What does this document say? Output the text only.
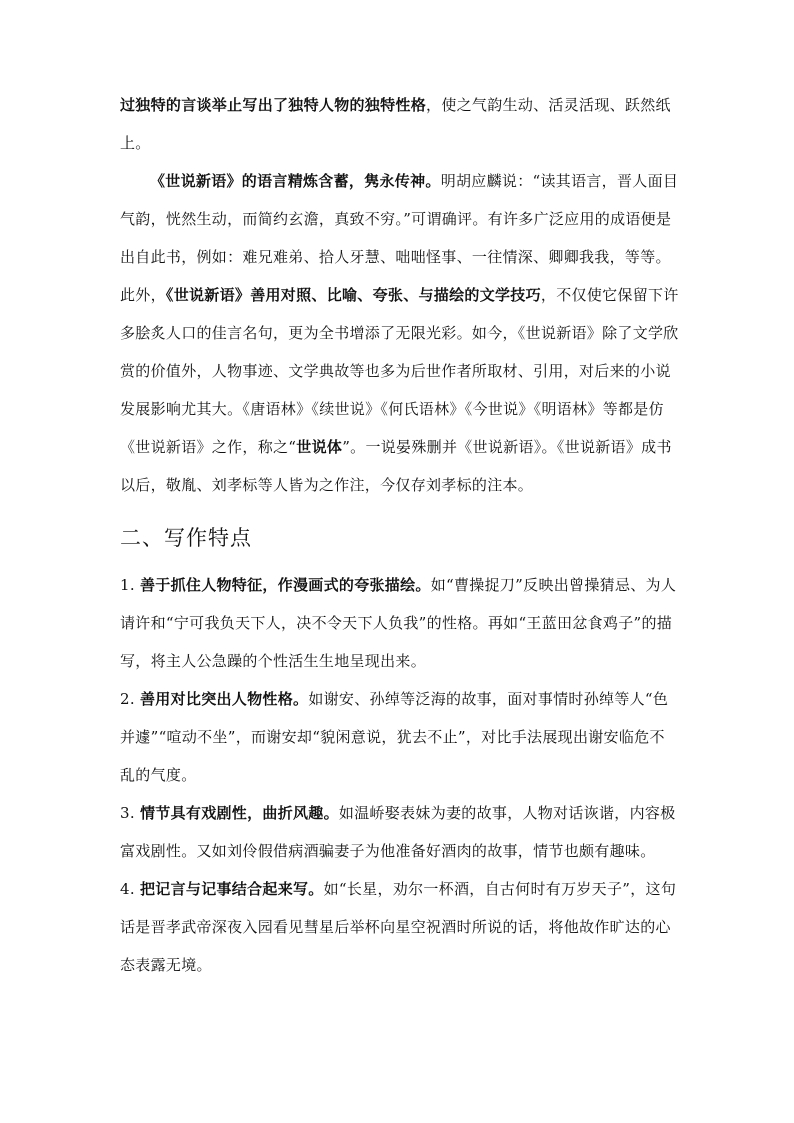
过独特的言谈举止写出了独特人物的独特性格，使之气韵生动、活灵活现、跃然纸上。

《世说新语》的语言精炼含蓄，隽永传神。明胡应麟说：“读其语言，晋人面目气韵，恍然生动，而简约玄澹，真致不穷。”可谓确评。有许多广泛应用的成语便是出自此书，例如：难兄难弟、拾人牙慧、咄咄怪事、一往情深、卿卿我我，等等。此外，《世说新语》善用对照、比喻、夸张、与描绘的文学技巧，不仅使它保留下许多脍炙人口的佳言名句，更为全书增添了无限光彩。如今，《世说新语》除了文学欣赏的价值外，人物事迹、文学典故等也多为后世作者所取材、引用，对后来的小说发展影响尤其大。《唐语林》《续世说》《何氏语林》《今世说》《明语林》等都是仿《世说新语》之作，称之“世说体”。一说晏殊删并《世说新语》。《世说新语》成书以后，敬胤、刘孝标等人皆为之作注，今仅存刘孝标的注本。

二、写作特点

1. 善于抓住人物特征，作漫画式的夸张描绘。如“曹操捉刀”反映出曾操猜忌、为人请许和“宁可我负天下人，决不令天下人负我”的性格。再如“王蓝田忿食鸡子”的描写，将主人公急躁的个性活生生地呈现出来。

2. 善用对比突出人物性格。如谢安、孙绰等泛海的故事，面对事情时孙绰等人“色并遽”“喧动不坐”，而谢安却“貌闲意说，犹去不止”，对比手法展现出谢安临危不乱的气度。

3. 情节具有戏剧性，曲折风趣。如温峤娶表妹为妻的故事，人物对话诙谐，内容极富戏剧性。又如刘伶假借病酒骗妻子为他准备好酒肉的故事，情节也颇有趣味。

4. 把记言与记事结合起来写。如“长星，劝尔一杯酒，自古何时有万岁天子”，这句话是晋孝武帝深夜入园看见彗星后举杯向星空祝酒时所说的话，将他故作旷达的心态表露无境。
